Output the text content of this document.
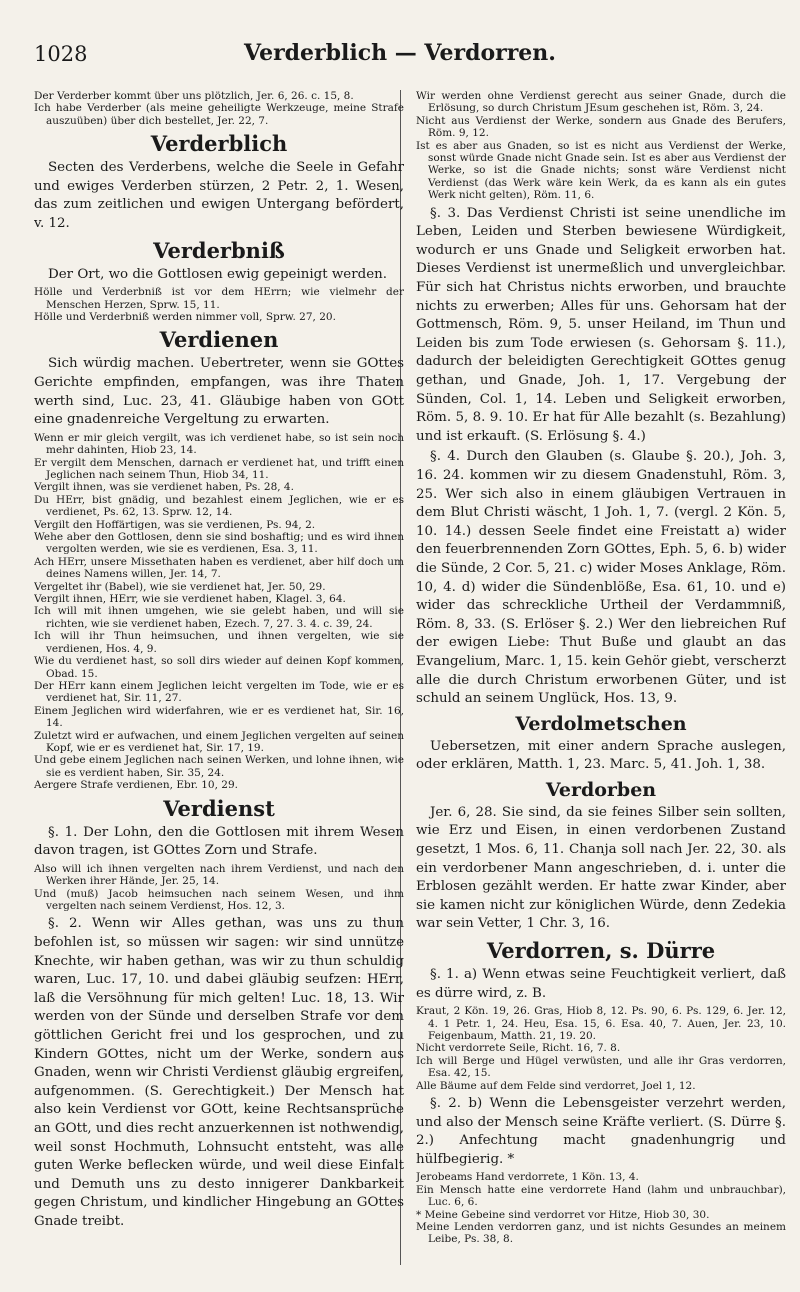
1028	Verderblich — Verdorren.

Der Verderber kommt über uns plötzlich, Jer. 6, 26. c. 15, 8.

Ich habe Verderber (als meine geheiligte Werkzeuge, meine Strafe auszuüben) über dich bestellet, Jer. 22, 7.

Verderblich

Secten des Verderbens, welche die Seele in Gefahr und ewiges Verderben stürzen, 2 Petr. 2, 1. Wesen, das zum zeitlichen und ewigen Untergang befördert, v. 12.

Verderbniß

Der Ort, wo die Gottlosen ewig gepeinigt werden.

Hölle und Verderbniß ist vor dem HErrn; wie vielmehr der Menschen Herzen, Sprw. 15, 11.

Hölle und Verderbniß werden nimmer voll, Sprw. 27, 20.

Verdienen

Sich würdig machen. Uebertreter, wenn sie GOttes Gerichte empfinden, empfangen, was ihre Thaten werth sind, Luc. 23, 41. Gläubige haben von GOtt eine gnadenreiche Vergeltung zu erwarten.

Wenn er mir gleich vergilt, was ich verdienet habe, so ist sein noch mehr dahinten, Hiob 23, 14.

Er vergilt dem Menschen, darnach er verdienet hat, und trifft einen Jeglichen nach seinem Thun, Hiob 34, 11.

Vergilt ihnen, was sie verdienet haben, Ps. 28, 4.

Du HErr, bist gnädig, und bezahlest einem Jeglichen, wie er es verdienet, Ps. 62, 13. Sprw. 12, 14.

Vergilt den Hoffärtigen, was sie verdienen, Ps. 94, 2.

Wehe aber den Gottlosen, denn sie sind boshaftig; und es wird ihnen vergolten werden, wie sie es verdienen, Esa. 3, 11.

Ach HErr, unsere Missethaten haben es verdienet, aber hilf doch um deines Namens willen, Jer. 14, 7.

Vergeltet ihr (Babel), wie sie verdienet hat, Jer. 50, 29.

Vergilt ihnen, HErr, wie sie verdienet haben, Klagel. 3, 64.

Ich will mit ihnen umgehen, wie sie gelebt haben, und will sie richten, wie sie verdienet haben, Ezech. 7, 27. 3. 4. c. 39, 24.

Ich will ihr Thun heimsuchen, und ihnen vergelten, wie sie verdienen, Hos. 4, 9.

Wie du verdienet hast, so soll dirs wieder auf deinen Kopf kommen, Obad. 15.

Der HErr kann einem Jeglichen leicht vergelten im Tode, wie er es verdienet hat, Sir. 11, 27.

Einem Jeglichen wird widerfahren, wie er es verdienet hat, Sir. 16, 14.

Zuletzt wird er aufwachen, und einem Jeglichen vergelten auf seinen Kopf, wie er es verdienet hat, Sir. 17, 19.

Und gebe einem Jeglichen nach seinen Werken, und lohne ihnen, wie sie es verdient haben, Sir. 35, 24.

Aergere Strafe verdienen, Ebr. 10, 29.

Verdienst

§. 1. Der Lohn, den die Gottlosen mit ihrem Wesen davon tragen, ist GOttes Zorn und Strafe.

Also will ich ihnen vergelten nach ihrem Verdienst, und nach den Werken ihrer Hände, Jer. 25, 14.

Und (muß) Jacob heimsuchen nach seinem Wesen, und ihm vergelten nach seinem Verdienst, Hos. 12, 3.

§. 2. Wenn wir Alles gethan, was uns zu thun befohlen ist, so müssen wir sagen: wir sind unnütze Knechte, wir haben gethan, was wir zu thun schuldig waren, Luc. 17, 10. und dabei gläubig seufzen: HErr, laß die Versöhnung für mich gelten! Luc. 18, 13. Wir werden von der Sünde und derselben Strafe vor dem göttlichen Gericht frei und los gesprochen, und zu Kindern GOttes, nicht um der Werke, sondern aus Gnaden, wenn wir Christi Verdienst gläubig ergreifen, aufgenommen. (S. Gerechtigkeit.) Der Mensch hat also kein Verdienst vor GOtt, keine Rechtsansprüche an GOtt, und dies recht anzuerkennen ist nothwendig, weil sonst Hochmuth, Lohnsucht entsteht, was alle guten Werke beflecken würde, und weil diese Einfalt und Demuth uns zu desto innigerer Dankbarkeit gegen Christum, und kindlicher Hingebung an GOttes Gnade treibt.

Wir werden ohne Verdienst gerecht aus seiner Gnade, durch die Erlösung, so durch Christum JEsum geschehen ist, Röm. 3, 24.

Nicht aus Verdienst der Werke, sondern aus Gnade des Berufers, Röm. 9, 12.

Ist es aber aus Gnaden, so ist es nicht aus Verdienst der Werke, sonst würde Gnade nicht Gnade sein. Ist es aber aus Verdienst der Werke, so ist die Gnade nichts; sonst wäre Verdienst nicht Verdienst (das Werk wäre kein Werk, da es kann als ein gutes Werk nicht gelten), Röm. 11, 6.

§. 3. Das Verdienst Christi ist seine unendliche im Leben, Leiden und Sterben bewiesene Würdigkeit, wodurch er uns Gnade und Seligkeit erworben hat. Dieses Verdienst ist unermeßlich und unvergleichbar. Für sich hat Christus nichts erworben, und brauchte nichts zu erwerben; Alles für uns. Gehorsam hat der Gottmensch, Röm. 9, 5. unser Heiland, im Thun und Leiden bis zum Tode erwiesen (s. Gehorsam §. 11.), dadurch der beleidigten Gerechtigkeit GOttes genug gethan, und Gnade, Joh. 1, 17. Vergebung der Sünden, Col. 1, 14. Leben und Seligkeit erworben, Röm. 5, 8. 9. 10. Er hat für Alle bezahlt (s. Bezahlung) und ist erkauft. (S. Erlösung §. 4.)

§. 4. Durch den Glauben (s. Glaube §. 20.), Joh. 3, 16. 24. kommen wir zu diesem Gnadenstuhl, Röm. 3, 25. Wer sich also in einem gläubigen Vertrauen in dem Blut Christi wäscht, 1 Joh. 1, 7. (vergl. 2 Kön. 5, 10. 14.) dessen Seele findet eine Freistatt a) wider den feuerbrennenden Zorn GOttes, Eph. 5, 6. b) wider die Sünde, 2 Cor. 5, 21. c) wider Moses Anklage, Röm. 10, 4. d) wider die Sündenblöße, Esa. 61, 10. und e) wider das schreckliche Urtheil der Verdammniß, Röm. 8, 33. (S. Erlöser §. 2.) Wer den liebreichen Ruf der ewigen Liebe: Thut Buße und glaubt an das Evangelium, Marc. 1, 15. kein Gehör giebt, verscherzt alle die durch Christum erworbenen Güter, und ist schuld an seinem Unglück, Hos. 13, 9.

Verdolmetschen

Uebersetzen, mit einer andern Sprache auslegen, oder erklären, Matth. 1, 23. Marc. 5, 41. Joh. 1, 38.

Verdorben

Jer. 6, 28. Sie sind, da sie feines Silber sein sollten, wie Erz und Eisen, in einen verdorbenen Zustand gesetzt, 1 Mos. 6, 11. Chanja soll nach Jer. 22, 30. als ein verdorbener Mann angeschrieben, d. i. unter die Erblosen gezählt werden. Er hatte zwar Kinder, aber sie kamen nicht zur königlichen Würde, denn Zedekia war sein Vetter, 1 Chr. 3, 16.

Verdorren, s. Dürre

§. 1. a) Wenn etwas seine Feuchtigkeit verliert, daß es dürre wird, z. B.

Kraut, 2 Kön. 19, 26. Gras, Hiob 8, 12. Ps. 90, 6. Ps. 129, 6. Jer. 12, 4. 1 Petr. 1, 24. Heu, Esa. 15, 6. Esa. 40, 7. Auen, Jer. 23, 10. Feigenbaum, Matth. 21, 19. 20.

Nicht verdorrete Seile, Richt. 16, 7. 8.

Ich will Berge und Hügel verwüsten, und alle ihr Gras verdorren, Esa. 42, 15.

Alle Bäume auf dem Felde sind verdorret, Joel 1, 12.

§. 2. b) Wenn die Lebensgeister verzehrt werden, und also der Mensch seine Kräfte verliert. (S. Dürre §. 2.) Anfechtung macht gnadenhungrig und hülfbegierig. *

Jerobeams Hand verdorrete, 1 Kön. 13, 4.

Ein Mensch hatte eine verdorrete Hand (lahm und unbrauchbar), Luc. 6, 6.

* Meine Gebeine sind verdorret vor Hitze, Hiob 30, 30.

Meine Lenden verdorren ganz, und ist nichts Gesundes an meinem Leibe, Ps. 38, 8.
